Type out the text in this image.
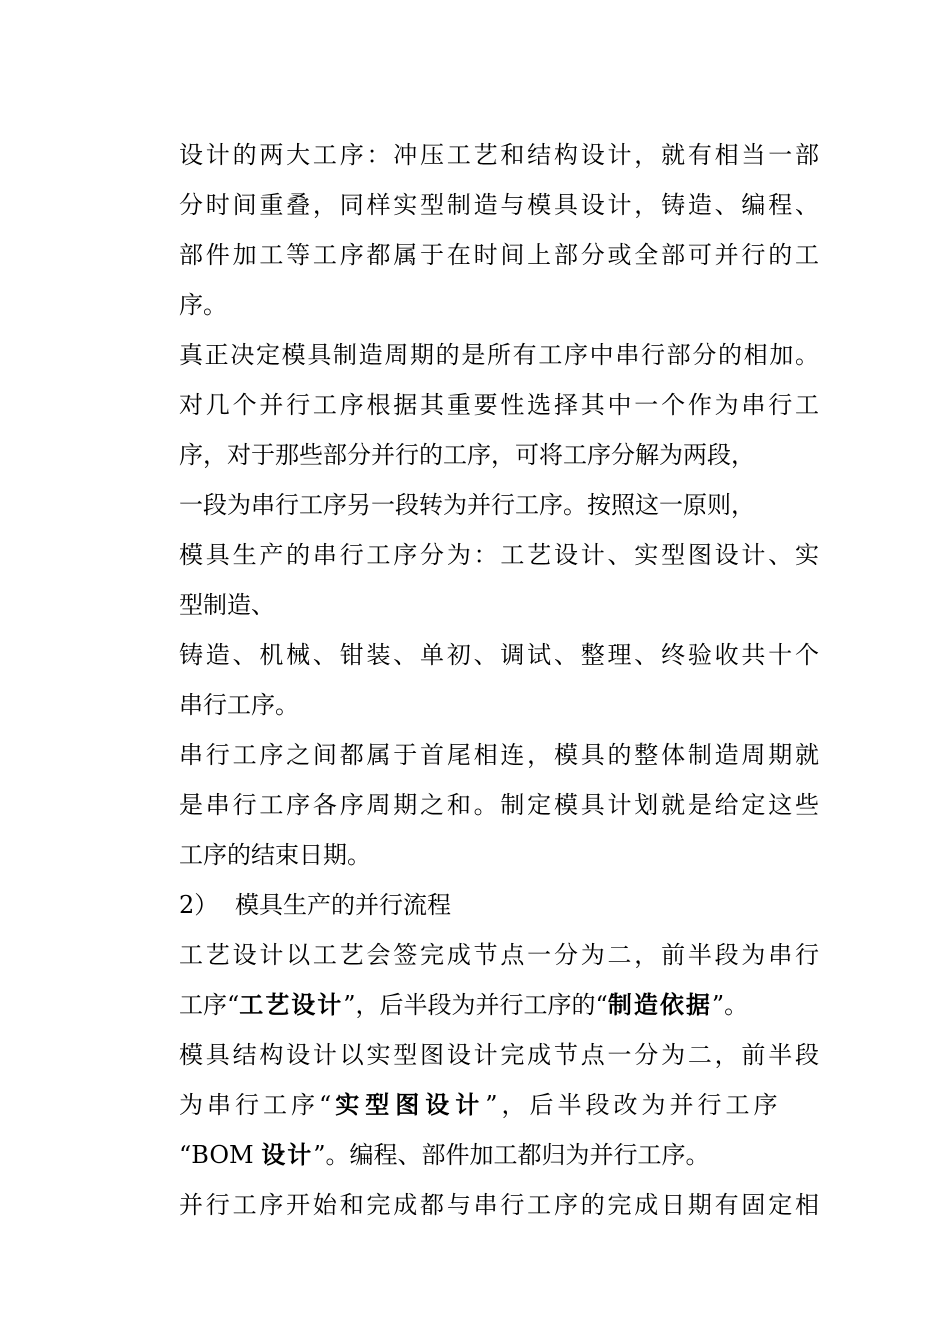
设计的两大工序：冲压工艺和结构设计，就有相当一部
分时间重叠，同样实型制造与模具设计，铸造、编程、
部件加工等工序都属于在时间上部分或全部可并行的工
序。
真正决定模具制造周期的是所有工序中串行部分的相加。
对几个并行工序根据其重要性选择其中一个作为串行工
序，对于那些部分并行的工序，可将工序分解为两段，
一段为串行工序另一段转为并行工序。按照这一原则，
模具生产的串行工序分为：工艺设计、实型图设计、实
型制造、
铸造、机械、钳装、单初、调试、整理、终验收共十个
串行工序。
串行工序之间都属于首尾相连，模具的整体制造周期就
是串行工序各序周期之和。制定模具计划就是给定这些
工序的结束日期。
2） 模具生产的并行流程
工艺设计以工艺会签完成节点一分为二，前半段为串行
工序“工艺设计”，后半段为并行工序的“制造依据”。
模具结构设计以实型图设计完成节点一分为二，前半段
为串行工序“实型图设计”，后半段改为并行工序
“BOM 设计”。编程、部件加工都归为并行工序。
并行工序开始和完成都与串行工序的完成日期有固定相
